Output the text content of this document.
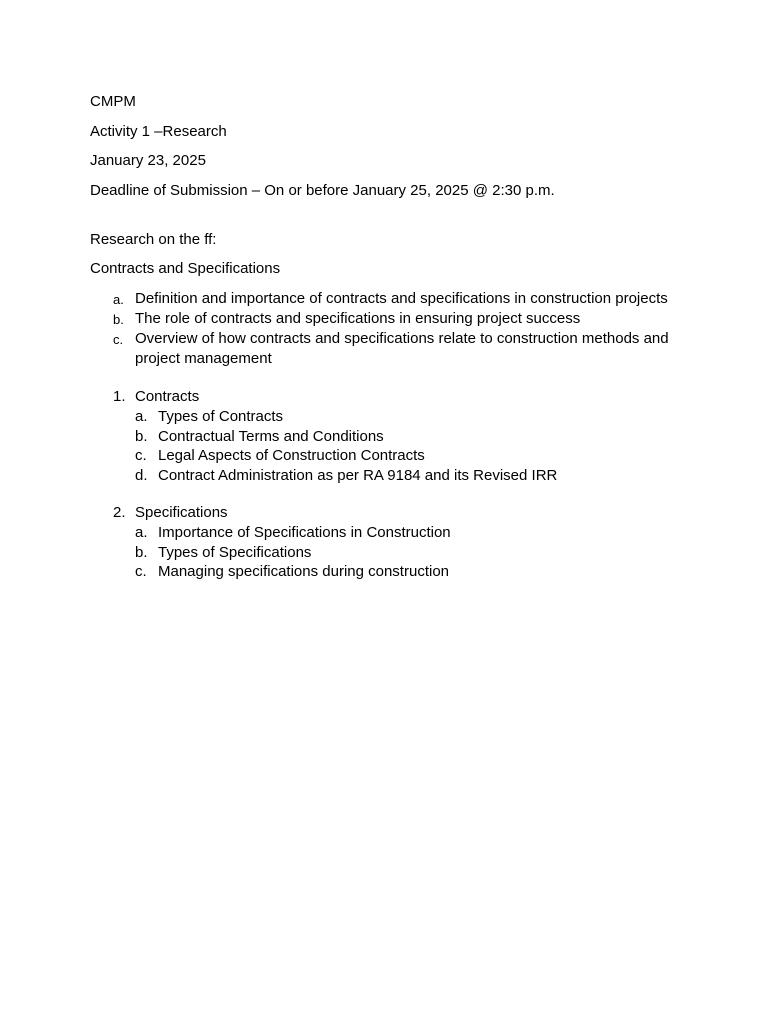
CMPM

Activity 1 –Research

January 23, 2025

Deadline of Submission – On or before January 25, 2025 @ 2:30 p.m.

Research on the ff:

Contracts and Specifications

a. Definition and importance of contracts and specifications in construction projects
b. The role of contracts and specifications in ensuring project success
c. Overview of how contracts and specifications relate to construction methods and project management
1. Contracts
a. Types of Contracts
b. Contractual Terms and Conditions
c. Legal Aspects of Construction Contracts
d. Contract Administration as per RA 9184 and its Revised IRR
2. Specifications
a. Importance of Specifications in Construction
b. Types of Specifications
c. Managing specifications during construction
